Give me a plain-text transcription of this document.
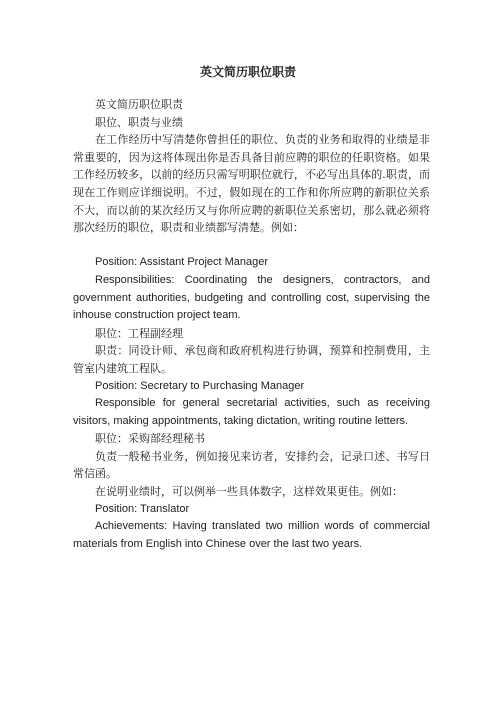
英文简历职位职责

英文简历职位职责

职位、职责与业绩

在工作经历中写清楚你曾担任的职位、负责的业务和取得的业绩是非常重要的，因为这将体现出你是否具备目前应聘的职位的任职资格。如果工作经历较多，以前的经历只需写明职位就行，不必写出具体的.职责，而现在工作则应详细说明。不过，假如现在的工作和你所应聘的新职位关系不大，而以前的某次经历又与你所应聘的新职位关系密切，那么就必须将那次经历的职位，职责和业绩都写清楚。例如：

Position: Assistant Project Manager

Responsibilities: Coordinating the designers, contractors, and government authorities, budgeting and controlling cost, supervising the inhouse construction project team.

职位：工程副经理

职责：同设计师、承包商和政府机构进行协调，预算和控制费用，主管室内建筑工程队。

Position: Secretary to Purchasing Manager

Responsible for general secretarial activities, such as receiving visitors, making appointments, taking dictation, writing routine letters.

职位：采购部经理秘书

负责一般秘书业务，例如接见来访者，安排约会，记录口述、书写日常信函。

在说明业绩时，可以例举一些具体数字，这样效果更佳。例如：

Position: Translator

Achievements: Having translated two million words of commercial materials from English into Chinese over the last two years.
